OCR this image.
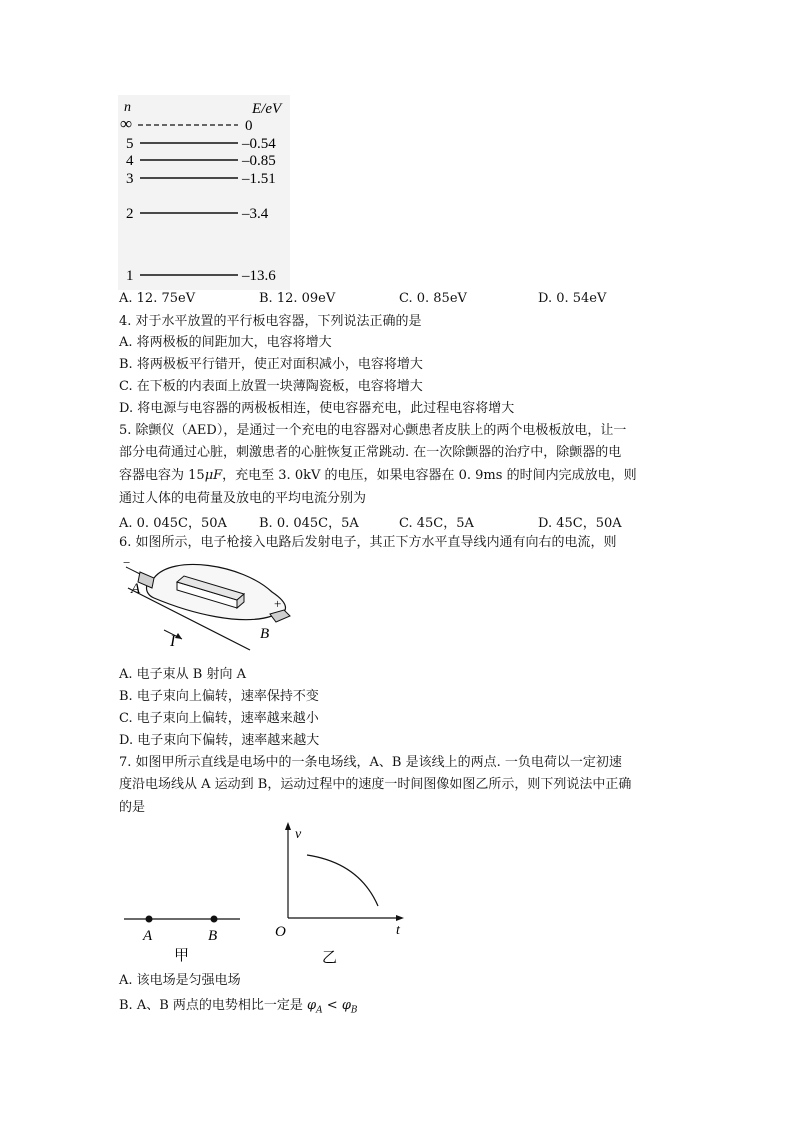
n	E/eV
∞	0
5	–0.54
4	–0.85
3	–1.51
2	–3.4
1	–13.6
A. 12. 75eV	B. 12. 09eV	C. 0. 85eV	D. 0. 54eV
4. 对于水平放置的平行板电容器，下列说法正确的是
A. 将两极板的间距加大，电容将增大
B. 将两极板平行错开，使正对面积减小，电容将增大
C. 在下板的内表面上放置一块薄陶瓷板，电容将增大
D. 将电源与电容器的两极板相连，使电容器充电，此过程电容将增大
5. 除颤仪（AED），是通过一个充电的电容器对心颤患者皮肤上的两个电极板放电，让一
部分电荷通过心脏，刺激患者的心脏恢复正常跳动. 在一次除颤器的治疗中，除颤器的电
容器电容为 15μF，充电至 3. 0kV 的电压，如果电容器在 0. 9ms 的时间内完成放电，则
通过人体的电荷量及放电的平均电流分别为
A. 0. 045C，50A B. 0. 045C，5A	C. 45C，5A	D. 45C，50A
6. 如图所示，电子枪接入电路后发射电子，其正下方水平直导线内通有向右的电流，则
I
−
A
+
B
A. 电子束从 B 射向 A
B. 电子束向上偏转，速率保持不变
C. 电子束向上偏转，速率越来越小
D. 电子束向下偏转，速率越来越大
7. 如图甲所示直线是电场中的一条电场线，A、B 是该线上的两点. 一负电荷以一定初速
度沿电场线从 A 运动到 B，运动过程中的速度一时间图像如图乙所示，则下列说法中正确
的是
A	B
甲
v
t
O
乙
A. 该电场是匀强电场
B. A、B 两点的电势相比一定是 $\varphi_A < \varphi_B$
